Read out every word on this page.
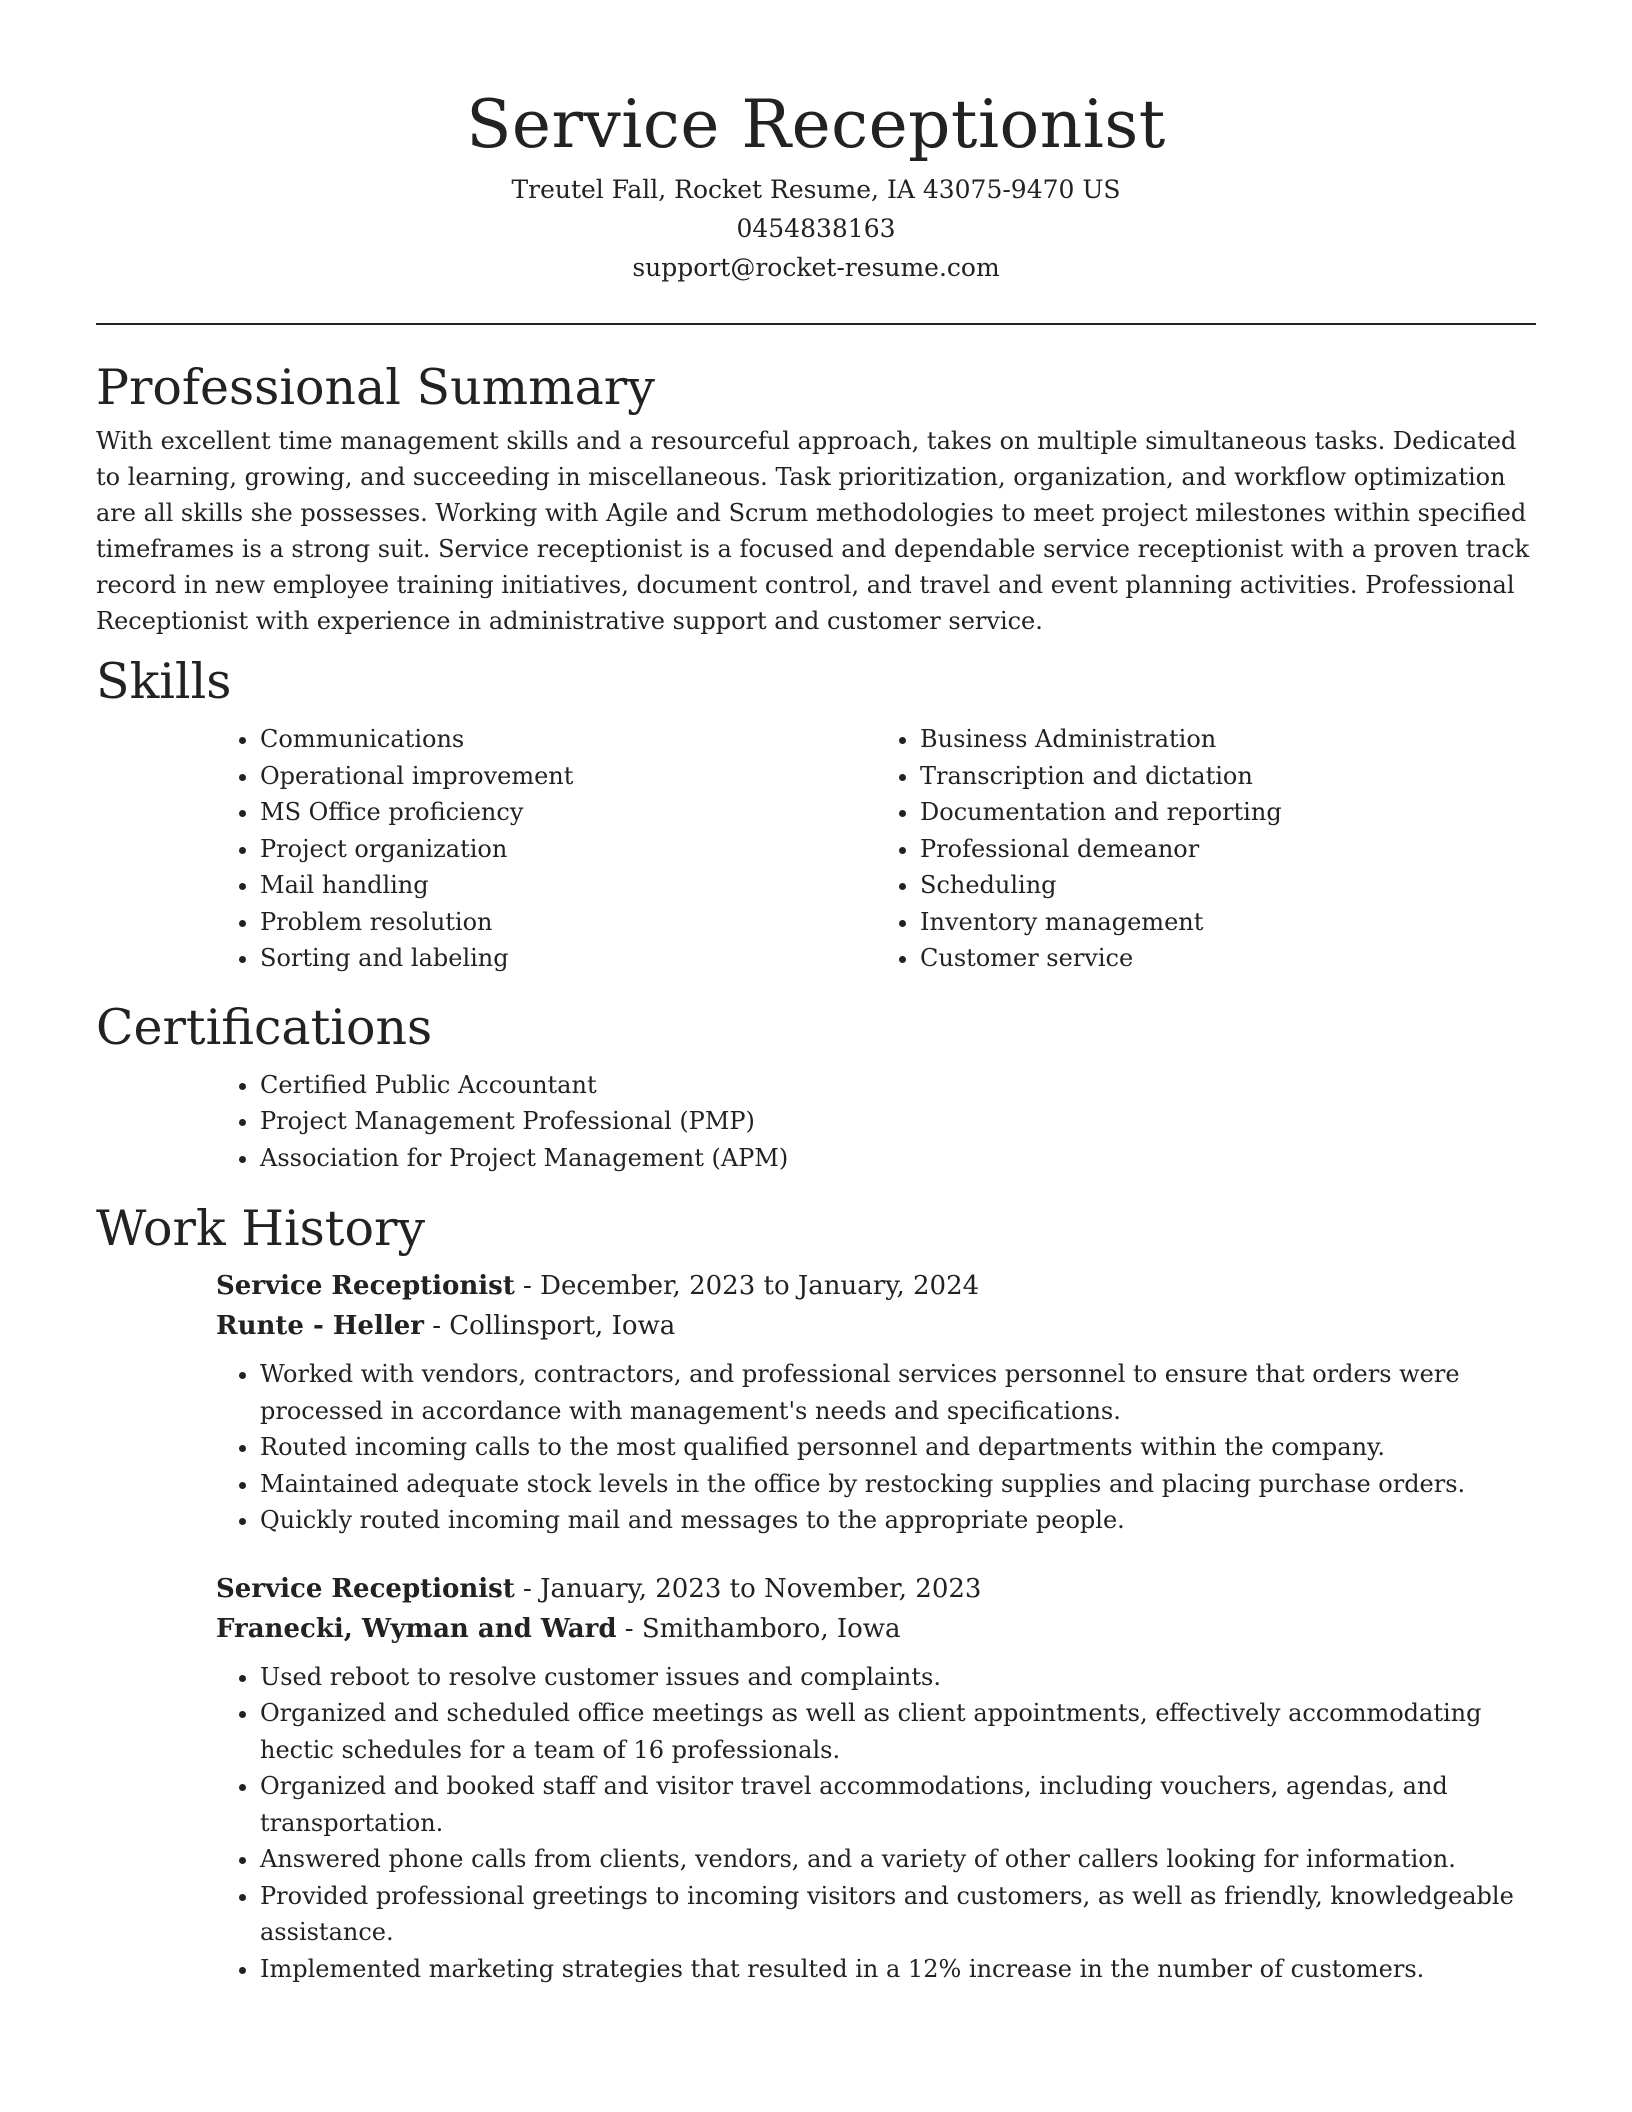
Service Receptionist
Treutel Fall, Rocket Resume, IA 43075-9470 US
0454838163
support@rocket-resume.com
Professional Summary

With excellent time management skills and a resourceful approach, takes on multiple simultaneous tasks. Dedicated to learning, growing, and succeeding in miscellaneous. Task prioritization, organization, and workflow optimization are all skills she possesses. Working with Agile and Scrum methodologies to meet project milestones within specified timeframes is a strong suit. Service receptionist is a focused and dependable service receptionist with a proven track record in new employee training initiatives, document control, and travel and event planning activities. Professional Receptionist with experience in administrative support and customer service.

Skills
• Communications
• Operational improvement
• MS Office proficiency
• Project organization
• Mail handling
• Problem resolution
• Sorting and labeling
• Business Administration
• Transcription and dictation
• Documentation and reporting
• Professional demeanor
• Scheduling
• Inventory management
• Customer service
Certifications
• Certified Public Accountant
• Project Management Professional (PMP)
• Association for Project Management (APM)
Work History
Service Receptionist - December, 2023 to January, 2024
Runte - Heller - Collinsport, Iowa
• Worked with vendors, contractors, and professional services personnel to ensure that orders were processed in accordance with management's needs and specifications.
• Routed incoming calls to the most qualified personnel and departments within the company.
• Maintained adequate stock levels in the office by restocking supplies and placing purchase orders.
• Quickly routed incoming mail and messages to the appropriate people.
Service Receptionist - January, 2023 to November, 2023
Franecki, Wyman and Ward - Smithamboro, Iowa
• Used reboot to resolve customer issues and complaints.
• Organized and scheduled office meetings as well as client appointments, effectively accommodating hectic schedules for a team of 16 professionals.
• Organized and booked staff and visitor travel accommodations, including vouchers, agendas, and transportation.
• Answered phone calls from clients, vendors, and a variety of other callers looking for information.
• Provided professional greetings to incoming visitors and customers, as well as friendly, knowledgeable assistance.
• Implemented marketing strategies that resulted in a 12% increase in the number of customers.
